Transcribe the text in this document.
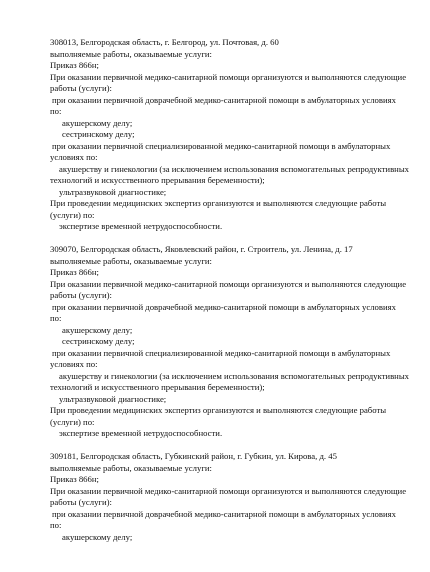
308013, Белгородская область, г. Белгород, ул. Почтовая, д. 60
выполняемые работы, оказываемые услуги:
Приказ 866н;
При оказании первичной медико-санитарной помощи организуются и выполняются следующие
работы (услуги):
при оказании первичной доврачебной медико-санитарной помощи в амбулаторных условиях
по:
акушерскому делу;
сестринскому делу;
при оказании первичной специализированной медико-санитарной помощи в амбулаторных
условиях по:
акушерству и гинекологии (за исключением использования вспомогательных репродуктивных
технологий и искусственного прерывания беременности);
ультразвуковой диагностике;
При проведении медицинских экспертиз организуются и выполняются следующие работы
(услуги) по:
экспертизе временной нетрудоспособности.
309070, Белгородская область, Яковлевский район, г. Строитель, ул. Ленина, д. 17
выполняемые работы, оказываемые услуги:
Приказ 866н;
При оказании первичной медико-санитарной помощи организуются и выполняются следующие
работы (услуги):
при оказании первичной доврачебной медико-санитарной помощи в амбулаторных условиях
по:
акушерскому делу;
сестринскому делу;
при оказании первичной специализированной медико-санитарной помощи в амбулаторных
условиях по:
акушерству и гинекологии (за исключением использования вспомогательных репродуктивных
технологий и искусственного прерывания беременности);
ультразвуковой диагностике;
При проведении медицинских экспертиз организуются и выполняются следующие работы
(услуги) по:
экспертизе временной нетрудоспособности.
309181, Белгородская область, Губкинский район, г. Губкин, ул. Кирова, д. 45
выполняемые работы, оказываемые услуги:
Приказ 866н;
При оказании первичной медико-санитарной помощи организуются и выполняются следующие
работы (услуги):
при оказании первичной доврачебной медико-санитарной помощи в амбулаторных условиях
по:
акушерскому делу;
